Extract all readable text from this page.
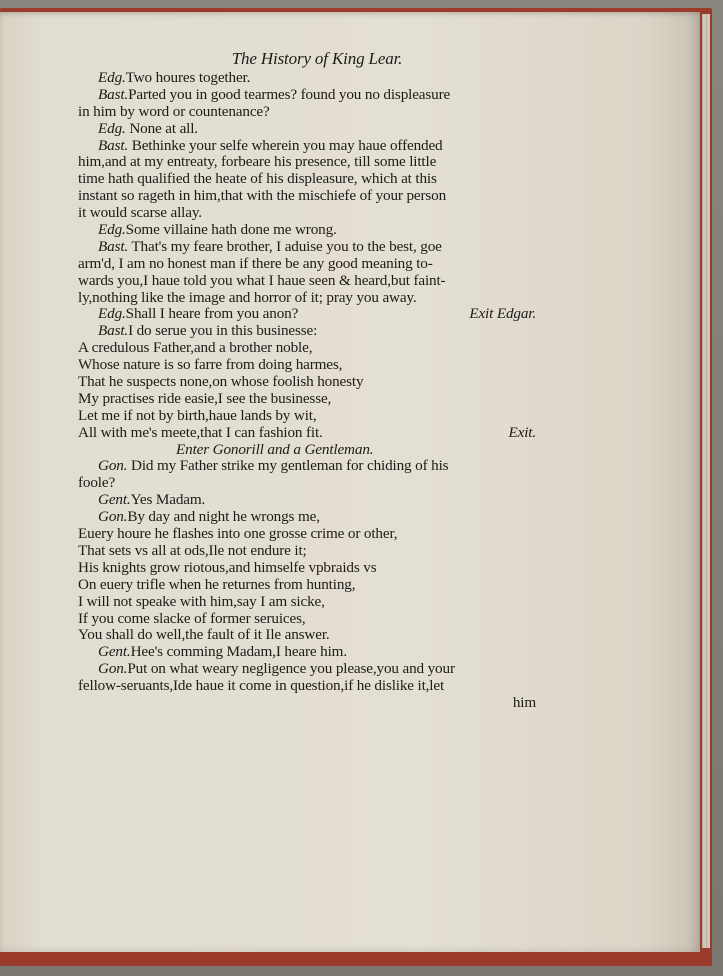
The History of King Lear.
Edg.Two houres together.
Bast.Parted you in good tearmes? found you no displeasure
in him by word or countenance?
Edg. None at all.
Bast. Bethinke your selfe wherein you may haue offended
him,and at my entreaty, forbeare his presence, till some little
time hath qualified the heate of his displeasure, which at this
instant so rageth in him,that with the mischiefe of your person
it would scarse allay.
Edg.Some villaine hath done me wrong.
Bast. That's my feare brother, I aduise you to the best, goe
arm'd, I am no honest man if there be any good meaning to-
wards you,I haue told you what I haue seen & heard,but faint-
ly,nothing like the image and horror of it; pray you away.
Edg.Shall I heare from you anon?	Exit Edgar.
Bast.I do serue you in this businesse:
A credulous Father,and a brother noble,
Whose nature is so farre from doing harmes,
That he suspects none,on whose foolish honesty
My practises ride easie,I see the businesse,
Let me if not by birth,haue lands by wit,
All with me's meete,that I can fashion fit.	Exit.
Enter Gonorill and a Gentleman.
Gon. Did my Father strike my gentleman for chiding of his
foole?
Gent.Yes Madam.
Gon.By day and night he wrongs me,
Euery houre he flashes into one grosse crime or other,
That sets vs all at ods,Ile not endure it;
His knights grow riotous,and himselfe vpbraids vs
On euery trifle when he returnes from hunting,
I will not speake with him,say I am sicke,
If you come slacke of former seruices,
You shall do well,the fault of it Ile answer.
Gent.Hee's comming Madam,I heare him.
Gon.Put on what weary negligence you please,you and your
fellow-seruants,Ide haue it come in question,if he dislike it,let
him
